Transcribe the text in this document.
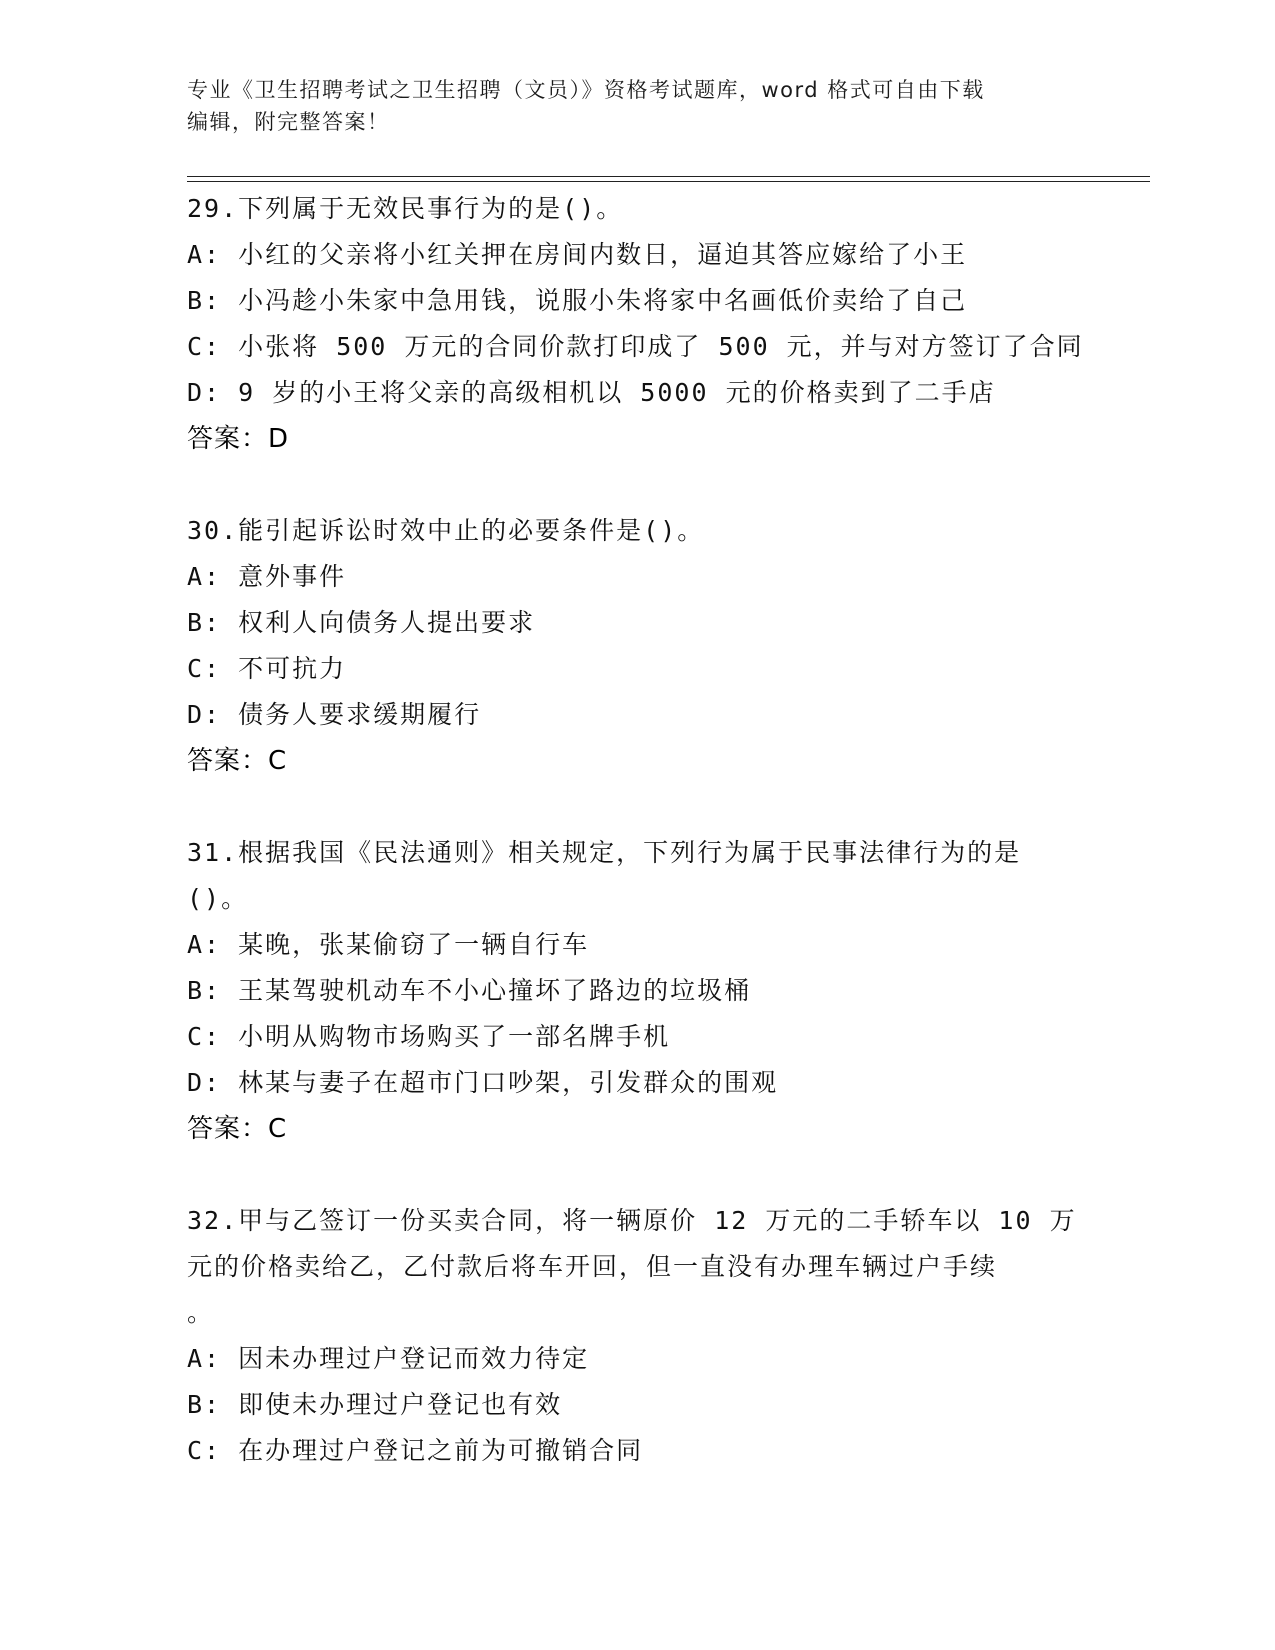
专业《卫生招聘考试之卫生招聘（文员）》资格考试题库，word 格式可自由下载
编辑，附完整答案！
29.下列属于无效民事行为的是()。
A: 小红的父亲将小红关押在房间内数日，逼迫其答应嫁给了小王
B: 小冯趁小朱家中急用钱，说服小朱将家中名画低价卖给了自己
C: 小张将 500 万元的合同价款打印成了 500 元，并与对方签订了合同
D: 9 岁的小王将父亲的高级相机以 5000 元的价格卖到了二手店
答案：D
30.能引起诉讼时效中止的必要条件是()。
A: 意外事件
B: 权利人向债务人提出要求
C: 不可抗力
D: 债务人要求缓期履行
答案：C
31.根据我国《民法通则》相关规定，下列行为属于民事法律行为的是
()。
A: 某晚，张某偷窃了一辆自行车
B: 王某驾驶机动车不小心撞坏了路边的垃圾桶
C: 小明从购物市场购买了一部名牌手机
D: 林某与妻子在超市门口吵架，引发群众的围观
答案：C
32.甲与乙签订一份买卖合同，将一辆原价 12 万元的二手轿车以 10 万
元的价格卖给乙，乙付款后将车开回，但一直没有办理车辆过户手续
。
A: 因未办理过户登记而效力待定
B: 即使未办理过户登记也有效
C: 在办理过户登记之前为可撤销合同
